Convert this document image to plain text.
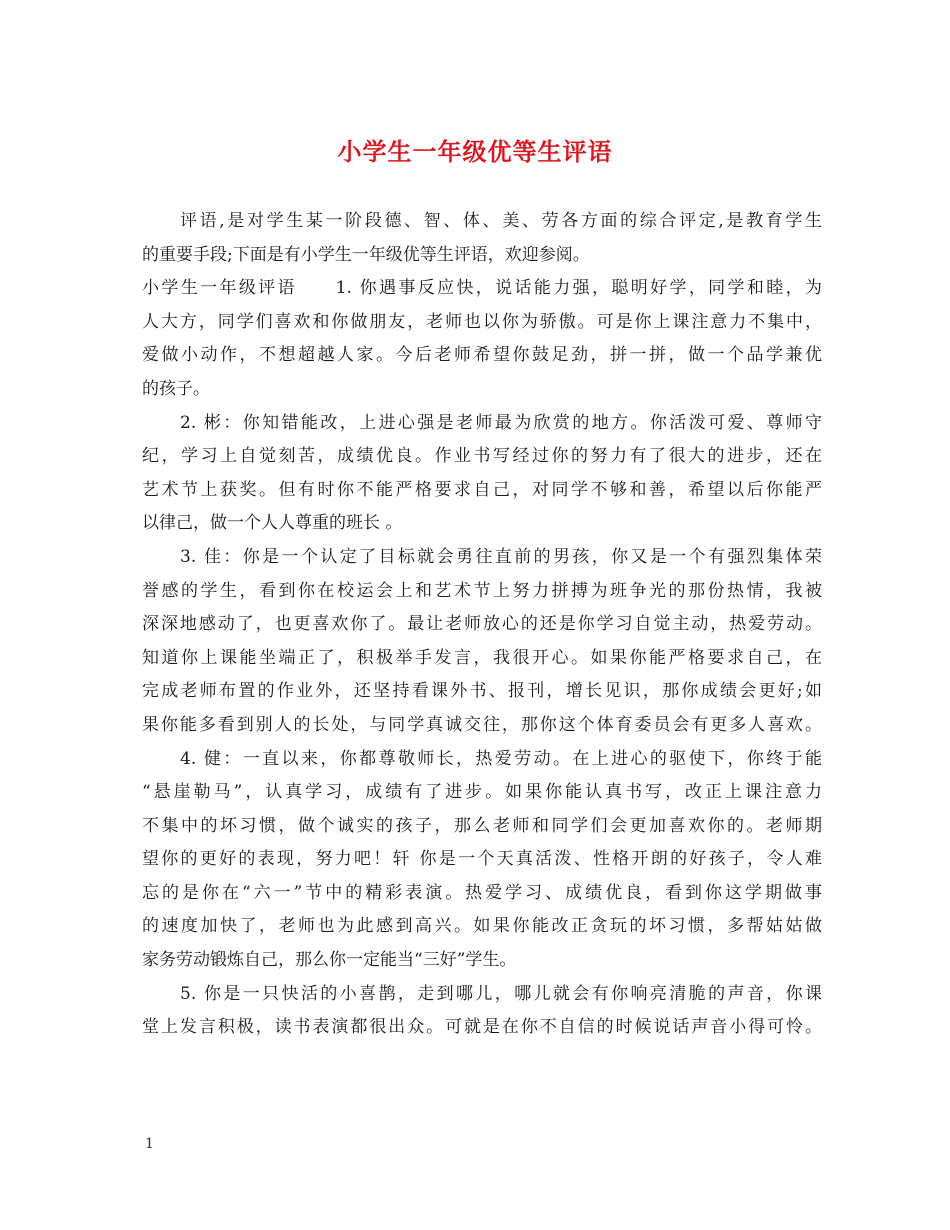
小学生一年级优等生评语
评语,是对学生某一阶段德、智、体、美、劳各方面的综合评定,是教育学生
的重要手段;下面是有小学生一年级优等生评语，欢迎参阅。
小学生一年级评语　　1. 你遇事反应快，说话能力强，聪明好学，同学和睦，为
人大方，同学们喜欢和你做朋友，老师也以你为骄傲。可是你上课注意力不集中，
爱做小动作，不想超越人家。今后老师希望你鼓足劲，拼一拼，做一个品学兼优
的孩子。
2. 彬：你知错能改，上进心强是老师最为欣赏的地方。你活泼可爱、尊师守
纪，学习上自觉刻苦，成绩优良。作业书写经过你的努力有了很大的进步，还在
艺术节上获奖。但有时你不能严格要求自己，对同学不够和善，希望以后你能严
以律己，做一个人人尊重的班长 。
3. 佳：你是一个认定了目标就会勇往直前的男孩，你又是一个有强烈集体荣
誉感的学生，看到你在校运会上和艺术节上努力拼搏为班争光的那份热情，我被
深深地感动了，也更喜欢你了。最让老师放心的还是你学习自觉主动，热爱劳动。
知道你上课能坐端正了，积极举手发言，我很开心。如果你能严格要求自己，在
完成老师布置的作业外，还坚持看课外书、报刊，增长见识，那你成绩会更好;如
果你能多看到别人的长处，与同学真诚交往，那你这个体育委员会有更多人喜欢。
4. 健：一直以来，你都尊敬师长，热爱劳动。在上进心的驱使下，你终于能
“悬崖勒马”，认真学习，成绩有了进步。如果你能认真书写，改正上课注意力
不集中的坏习惯，做个诚实的孩子，那么老师和同学们会更加喜欢你的。老师期
望你的更好的表现，努力吧！轩 你是一个天真活泼、性格开朗的好孩子，令人难
忘的是你在“六一”节中的精彩表演。热爱学习、成绩优良，看到你这学期做事
的速度加快了，老师也为此感到高兴。如果你能改正贪玩的坏习惯，多帮姑姑做
家务劳动锻炼自己，那么你一定能当“三好”学生。
5. 你是一只快活的小喜鹊，走到哪儿，哪儿就会有你响亮清脆的声音，你课
堂上发言积极，读书表演都很出众。可就是在你不自信的时候说话声音小得可怜。
1
